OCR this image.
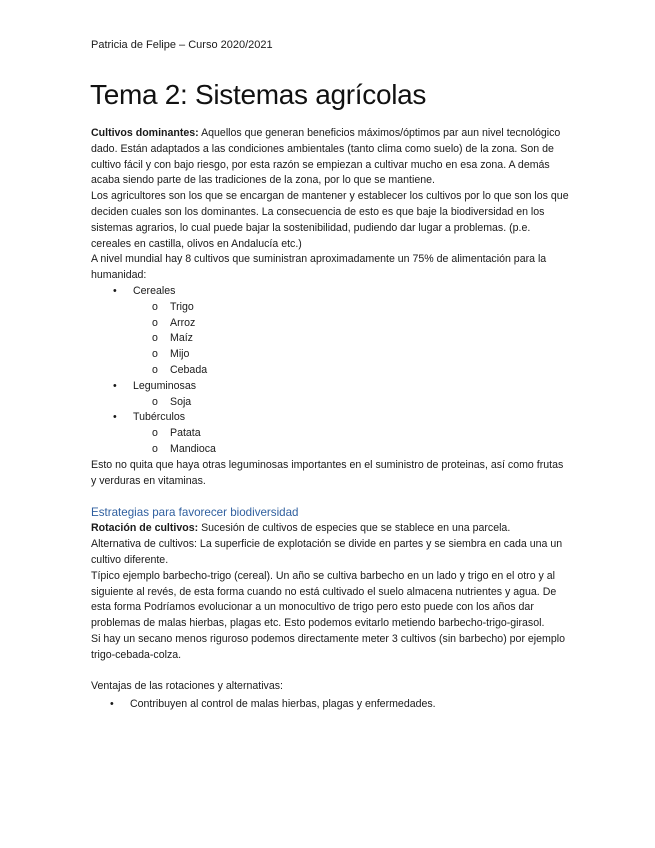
Patricia de Felipe – Curso 2020/2021

Tema 2: Sistemas agrícolas

Cultivos dominantes: Aquellos que generan beneficios máximos/óptimos par aun nivel tecnológico dado. Están adaptados a las condiciones ambientales (tanto clima como suelo) de la zona. Son de cultivo fácil y con bajo riesgo, por esta razón se empiezan a cultivar mucho en esa zona. A demás acaba siendo parte de las tradiciones de la zona, por lo que se mantiene.

Los agricultores son los que se encargan de mantener y establecer los cultivos por lo que son los que deciden cuales son los dominantes. La consecuencia de esto es que baje la biodiversidad en los sistemas agrarios, lo cual puede bajar la sostenibilidad, pudiendo dar lugar a problemas. (p.e. cereales en castilla, olivos en Andalucía etc.)

A nivel mundial hay 8 cultivos que suministran aproximadamente un 75% de alimentación para la humanidad:

• Cereales
o Trigo
o Arroz
o Maíz
o Mijo
o Cebada
• Leguminosas
o Soja
• Tubérculos
o Patata
o Mandioca

Esto no quita que haya otras leguminosas importantes en el suministro de proteinas, así como frutas y verduras en vitaminas.

Estrategias para favorecer biodiversidad

Rotación de cultivos: Sucesión de cultivos de especies que se stablece en una parcela.

Alternativa de cultivos: La superficie de explotación se divide en partes y se siembra en cada una un cultivo diferente.

Típico ejemplo barbecho-trigo (cereal). Un año se cultiva barbecho en un lado y trigo en el otro y al siguiente al revés, de esta forma cuando no está cultivado el suelo almacena nutrientes y agua. De esta forma Podríamos evolucionar a un monocultivo de trigo pero esto puede con los años dar problemas de malas hierbas, plagas etc. Esto podemos evitarlo metiendo barbecho-trigo-girasol.

Si hay un secano menos riguroso podemos directamente meter 3 cultivos (sin barbecho) por ejemplo trigo-cebada-colza.

Ventajas de las rotaciones y alternativas:

• Contribuyen al control de malas hierbas, plagas y enfermedades.
